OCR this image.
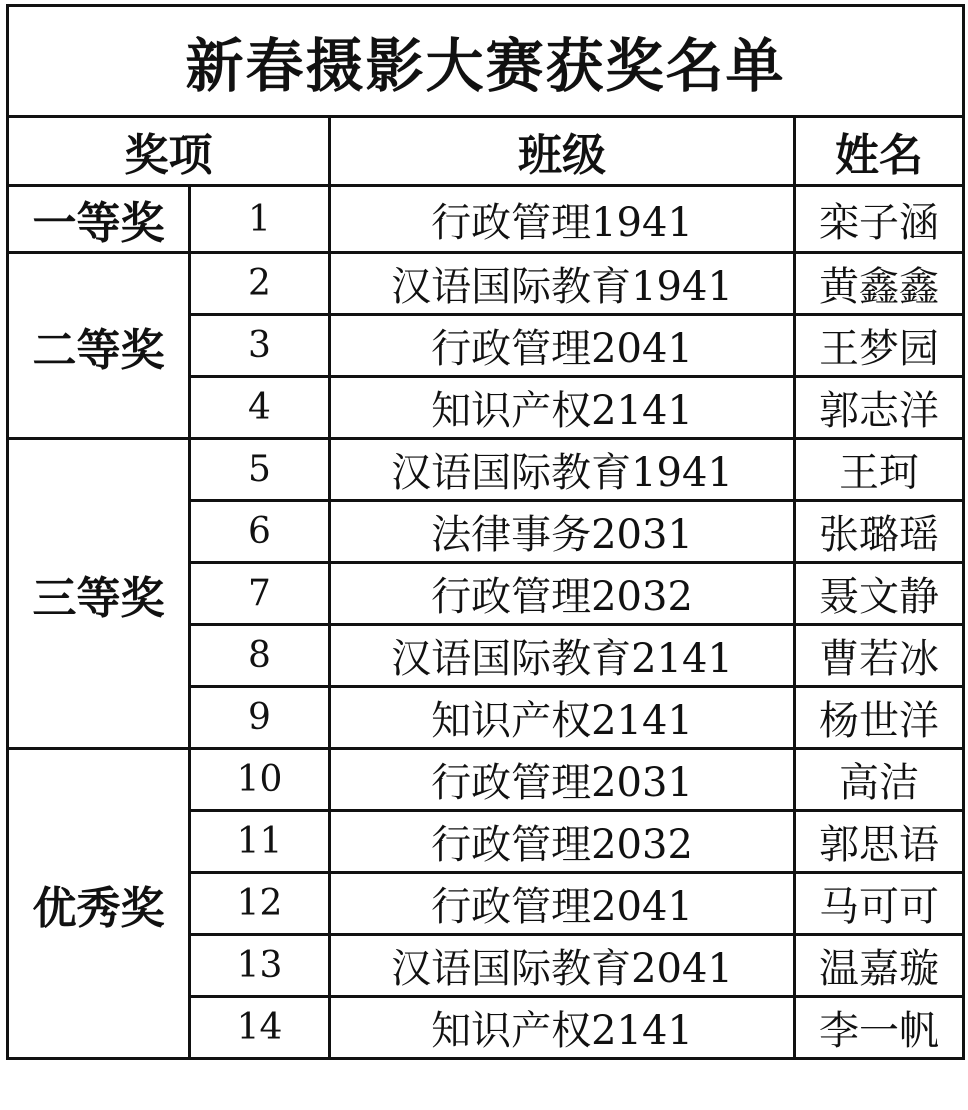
新春摄影大赛获奖名单			
奖项		班级	姓名
一等奖	1	行政管理1941	栾子涵
二等奖	2	汉语国际教育1941	黄鑫鑫
	3	行政管理2041	王梦园
	4	知识产权2141	郭志洋
三等奖	5	汉语国际教育1941	王珂
	6	法律事务2031	张璐瑶
	7	行政管理2032	聂文静
	8	汉语国际教育2141	曹若冰
	9	知识产权2141	杨世洋
优秀奖	10	行政管理2031	高洁
	11	行政管理2032	郭思语
	12	行政管理2041	马可可
	13	汉语国际教育2041	温嘉璇
	14	知识产权2141	李一帆
